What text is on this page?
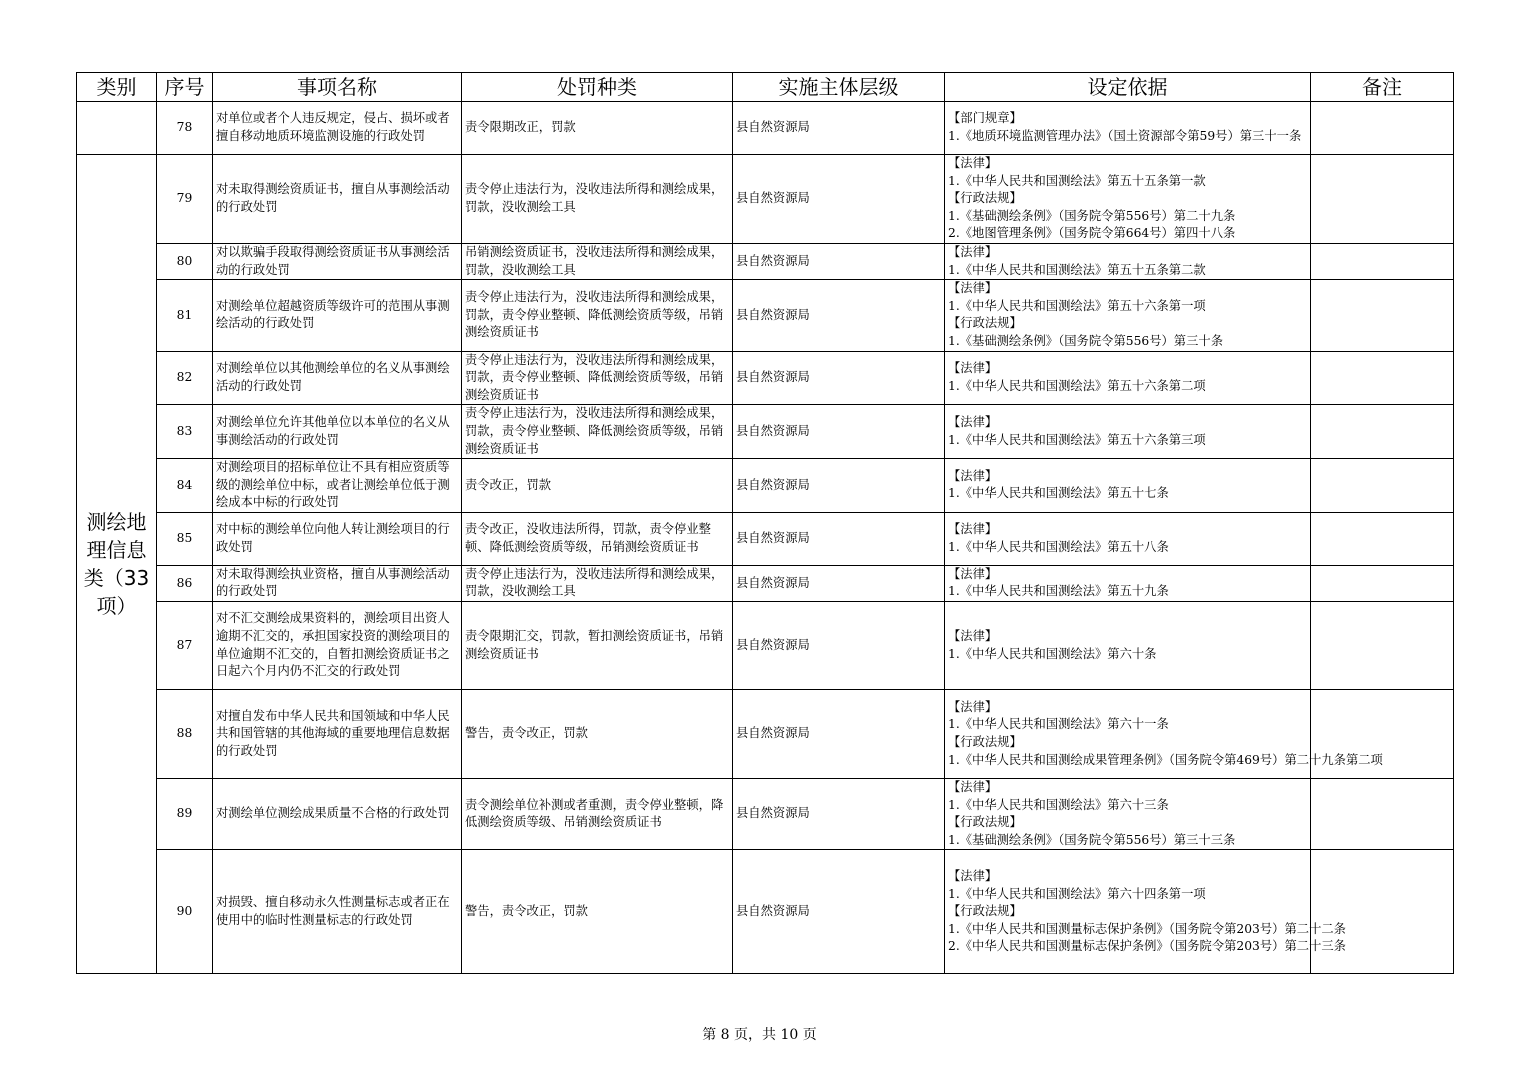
类别	序号	事项名称	处罚种类	实施主体层级	设定依据	备注
	78	对单位或者个人违反规定，侵占、损坏或者擅自移动地质环境监测设施的行政处罚	责令限期改正，罚款	县自然资源局	【部门规章】
1.《地质环境监测管理办法》（国土资源部令第59号）第三十一条	

测绘地理信息类（33项）	79	对未取得测绘资质证书，擅自从事测绘活动的行政处罚	责令停止违法行为，没收违法所得和测绘成果，罚款，没收测绘工具	县自然资源局	【法律】
1.《中华人民共和国测绘法》第五十五条第一款
【行政法规】
1.《基础测绘条例》（国务院令第556号）第二十九条
2.《地图管理条例》（国务院令第664号）第四十八条	

	80	对以欺骗手段取得测绘资质证书从事测绘活动的行政处罚	吊销测绘资质证书，没收违法所得和测绘成果，罚款，没收测绘工具	县自然资源局	【法律】
1.《中华人民共和国测绘法》第五十五条第二款	

	81	对测绘单位超越资质等级许可的范围从事测绘活动的行政处罚	责令停止违法行为，没收违法所得和测绘成果，罚款，责令停业整顿、降低测绘资质等级，吊销测绘资质证书	县自然资源局	【法律】
1.《中华人民共和国测绘法》第五十六条第一项
【行政法规】
1.《基础测绘条例》（国务院令第556号）第三十条	

	82	对测绘单位以其他测绘单位的名义从事测绘活动的行政处罚	责令停止违法行为，没收违法所得和测绘成果，罚款，责令停业整顿、降低测绘资质等级，吊销测绘资质证书	县自然资源局	【法律】
1.《中华人民共和国测绘法》第五十六条第二项	

	83	对测绘单位允许其他单位以本单位的名义从事测绘活动的行政处罚	责令停止违法行为，没收违法所得和测绘成果，罚款，责令停业整顿、降低测绘资质等级，吊销测绘资质证书	县自然资源局	【法律】
1.《中华人民共和国测绘法》第五十六条第三项	

	84	对测绘项目的招标单位让不具有相应资质等级的测绘单位中标，或者让测绘单位低于测绘成本中标的行政处罚	责令改正，罚款	县自然资源局	【法律】
1.《中华人民共和国测绘法》第五十七条	

	85	对中标的测绘单位向他人转让测绘项目的行政处罚	责令改正，没收违法所得，罚款，责令停业整顿、降低测绘资质等级，吊销测绘资质证书	县自然资源局	【法律】
1.《中华人民共和国测绘法》第五十八条	

	86	对未取得测绘执业资格，擅自从事测绘活动的行政处罚	责令停止违法行为，没收违法所得和测绘成果，罚款，没收测绘工具	县自然资源局	【法律】
1.《中华人民共和国测绘法》第五十九条	

	87	对不汇交测绘成果资料的，测绘项目出资人逾期不汇交的，承担国家投资的测绘项目的单位逾期不汇交的，自暂扣测绘资质证书之日起六个月内仍不汇交的行政处罚	责令限期汇交，罚款，暂扣测绘资质证书，吊销测绘资质证书	县自然资源局	【法律】
1.《中华人民共和国测绘法》第六十条	

	88	对擅自发布中华人民共和国领域和中华人民共和国管辖的其他海域的重要地理信息数据的行政处罚	警告，责令改正，罚款	县自然资源局	【法律】
1.《中华人民共和国测绘法》第六十一条
【行政法规】
1.《中华人民共和国测绘成果管理条例》（国务院令第469号）第二十九条第二项	

	89	对测绘单位测绘成果质量不合格的行政处罚	责令测绘单位补测或者重测，责令停业整顿，降低测绘资质等级、吊销测绘资质证书	县自然资源局	【法律】
1.《中华人民共和国测绘法》第六十三条
【行政法规】
1.《基础测绘条例》（国务院令第556号）第三十三条	

	90	对损毁、擅自移动永久性测量标志或者正在使用中的临时性测量标志的行政处罚	警告，责令改正，罚款	县自然资源局	【法律】
1.《中华人民共和国测绘法》第六十四条第一项
【行政法规】
1.《中华人民共和国测量标志保护条例》（国务院令第203号）第二十二条
2.《中华人民共和国测量标志保护条例》（国务院令第203号）第二十三条	

第 8 页，共 10 页
